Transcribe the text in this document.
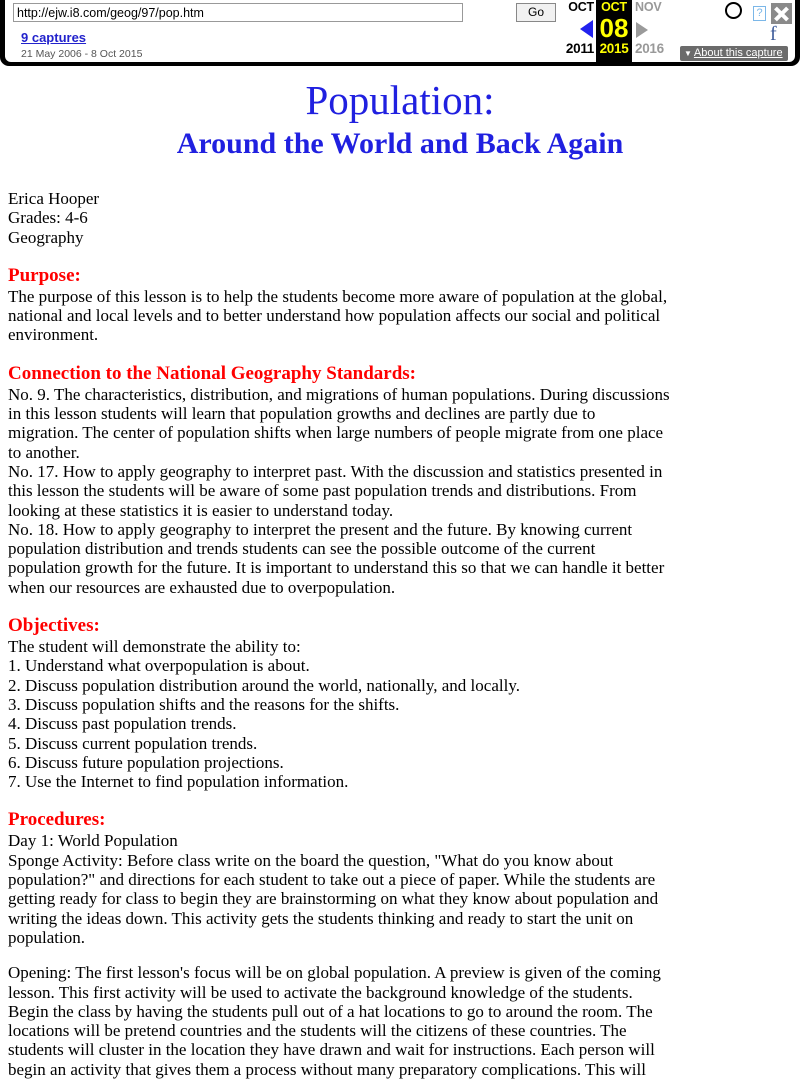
http://ejw.i8.com/geog/97/pop.htm
Go
9 captures
21 May 2006 - 8 Oct 2015
OCT
2011
OCT
08
2015
NOV
2016
?
f
▼ About this capture
Population:
Around the World and Back Again
Erica Hooper
Grades: 4-6
Geography
Purpose:
The purpose of this lesson is to help the students become more aware of population at the global,
national and local levels and to better understand how population affects our social and political
environment.
Connection to the National Geography Standards:
No. 9. The characteristics, distribution, and migrations of human populations. During discussions
in this lesson students will learn that population growths and declines are partly due to
migration. The center of population shifts when large numbers of people migrate from one place
to another.
No. 17. How to apply geography to interpret past. With the discussion and statistics presented in
this lesson the students will be aware of some past population trends and distributions. From
looking at these statistics it is easier to understand today.
No. 18. How to apply geography to interpret the present and the future. By knowing current
population distribution and trends students can see the possible outcome of the current
population growth for the future. It is important to understand this so that we can handle it better
when our resources are exhausted due to overpopulation.
Objectives:
The student will demonstrate the ability to:
1. Understand what overpopulation is about.
2. Discuss population distribution around the world, nationally, and locally.
3. Discuss population shifts and the reasons for the shifts.
4. Discuss past population trends.
5. Discuss current population trends.
6. Discuss future population projections.
7. Use the Internet to find population information.
Procedures:
Day 1: World Population
Sponge Activity: Before class write on the board the question, "What do you know about
population?" and directions for each student to take out a piece of paper. While the students are
getting ready for class to begin they are brainstorming on what they know about population and
writing the ideas down. This activity gets the students thinking and ready to start the unit on
population.
Opening: The first lesson's focus will be on global population. A preview is given of the coming
lesson. This first activity will be used to activate the background knowledge of the students.
Begin the class by having the students pull out of a hat locations to go to around the room. The
locations will be pretend countries and the students will the citizens of these countries. The
students will cluster in the location they have drawn and wait for instructions. Each person will
begin an activity that gives them a process without many preparatory complications. This will
